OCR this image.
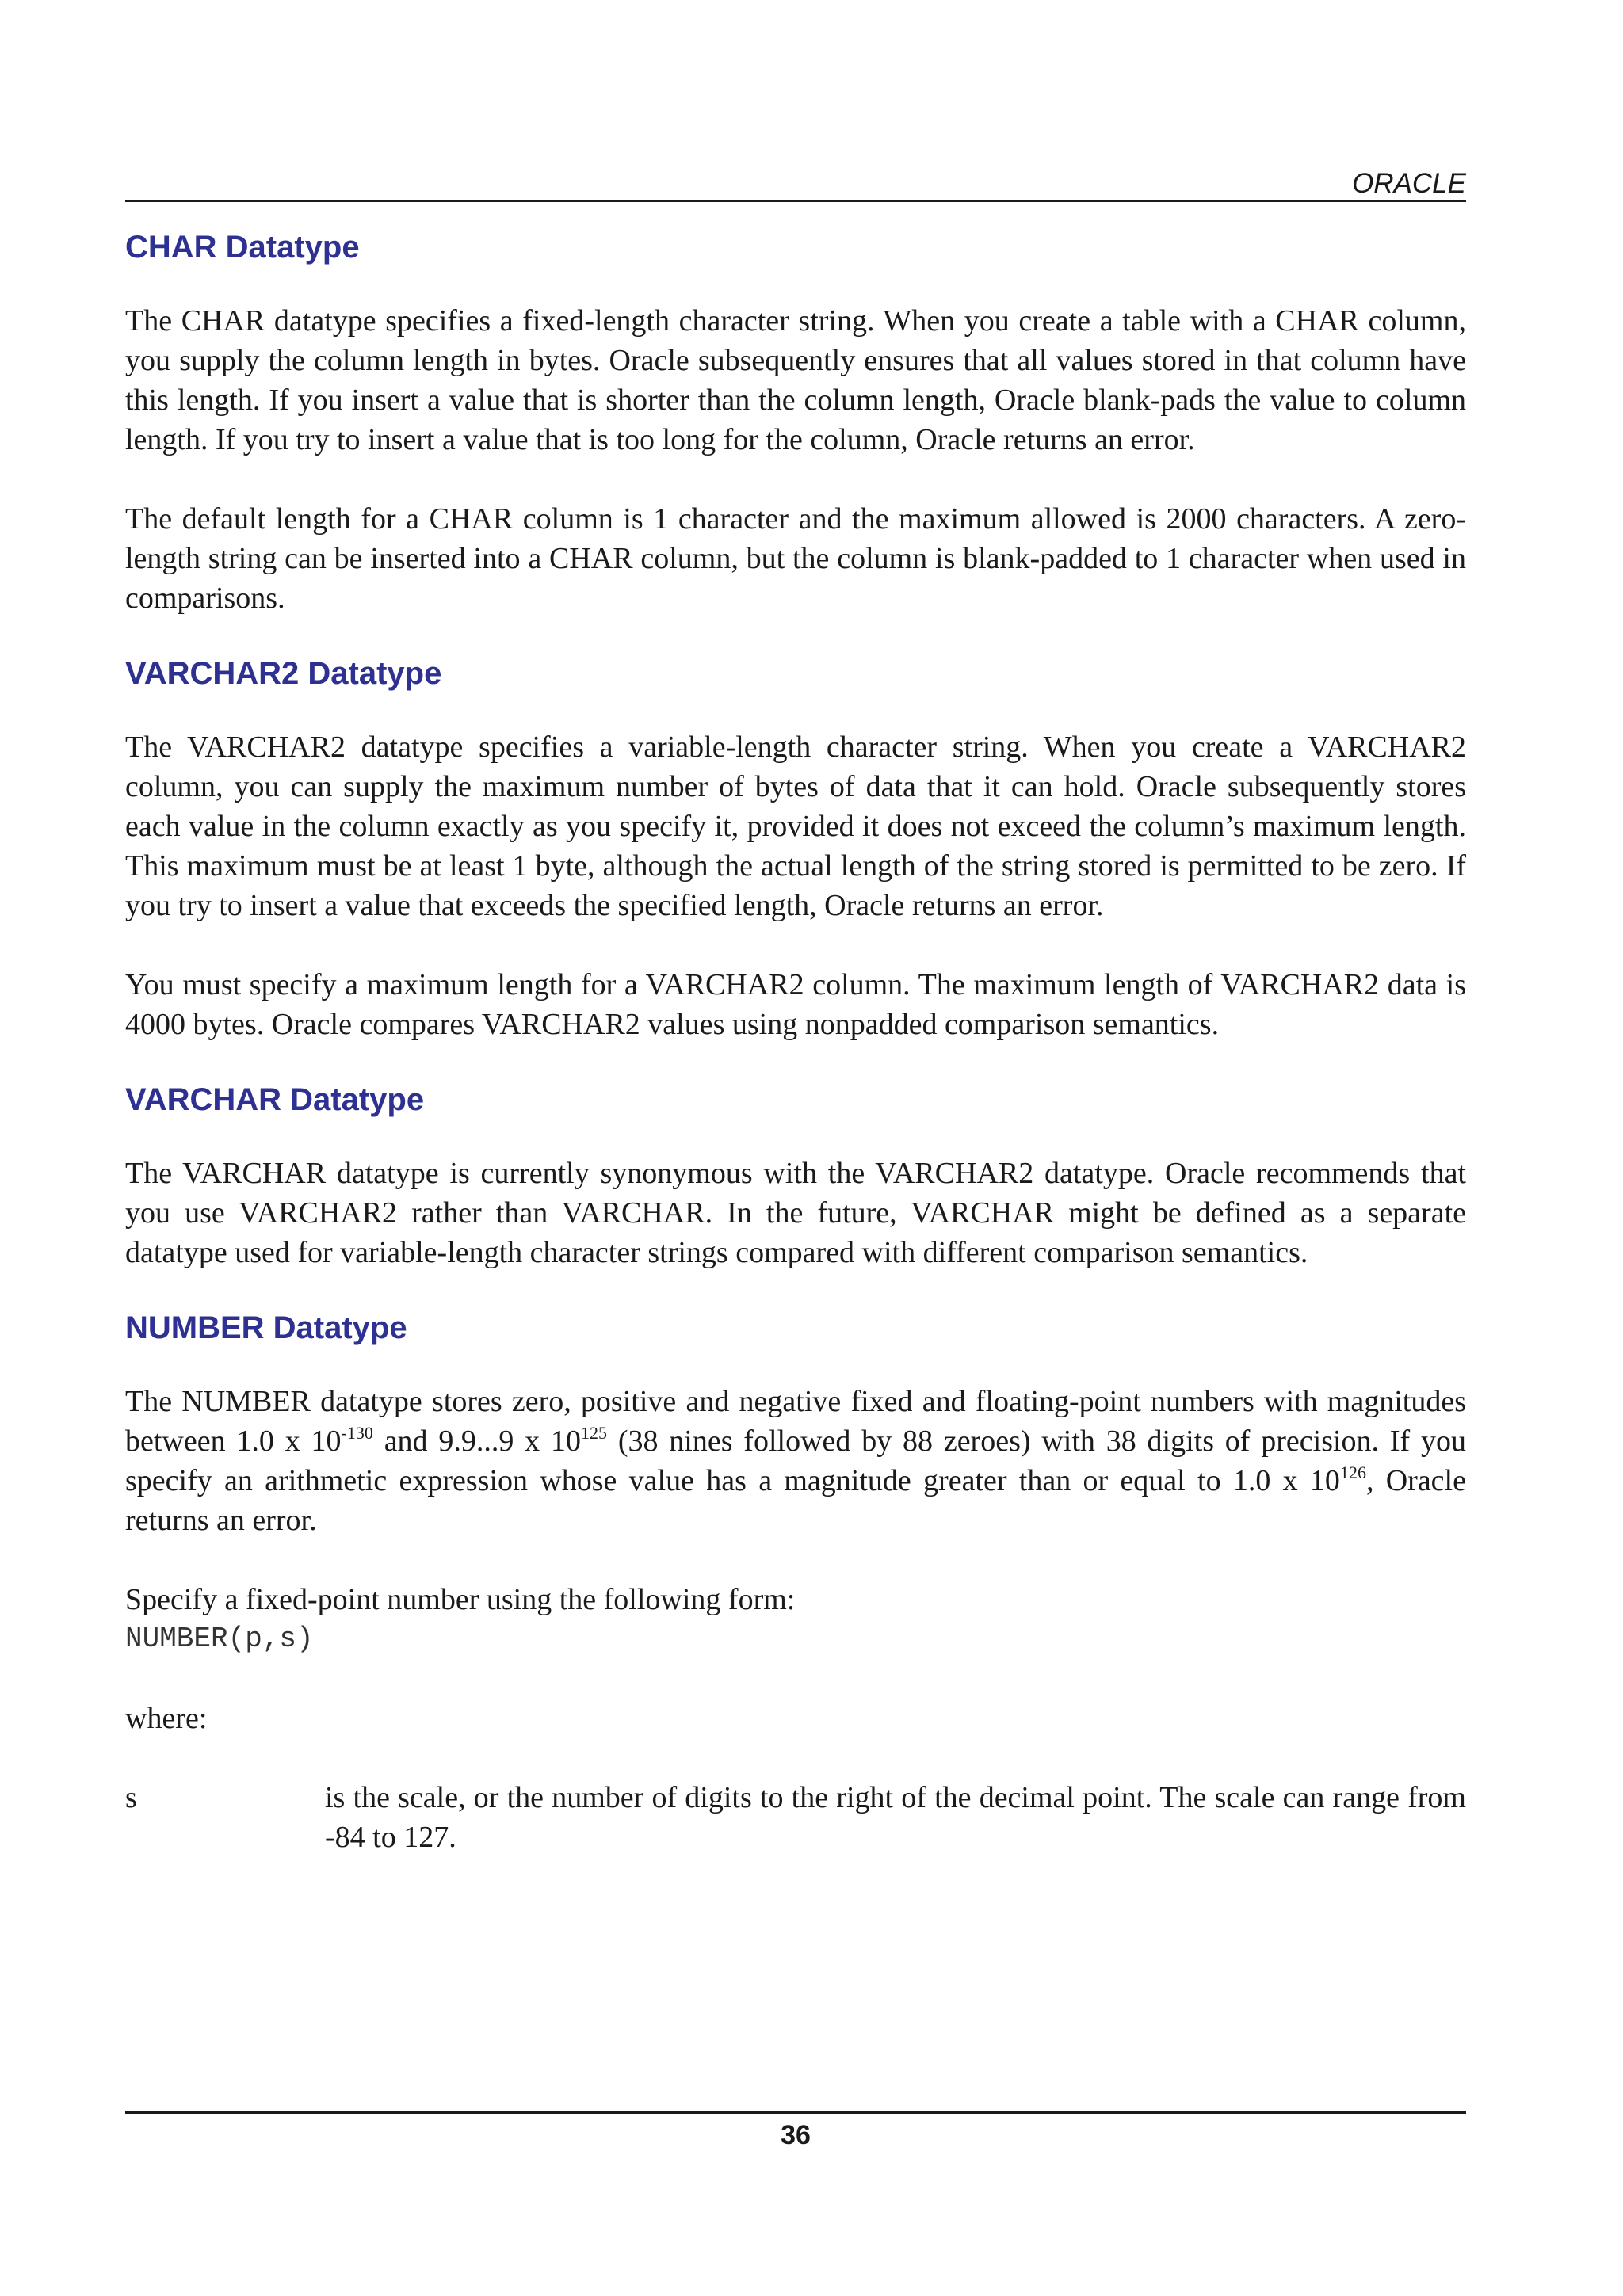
ORACLE
CHAR Datatype

The CHAR datatype specifies a fixed-length character string. When you create a table with a CHAR column, you supply the column length in bytes. Oracle subsequently ensures that all values stored in that column have this length. If you insert a value that is shorter than the column length, Oracle blank-pads the value to column length. If you try to insert a value that is too long for the column, Oracle returns an error.

The default length for a CHAR column is 1 character and the maximum allowed is 2000 characters. A zero-length string can be inserted into a CHAR column, but the column is blank-padded to 1 character when used in comparisons.

VARCHAR2 Datatype

The VARCHAR2 datatype specifies a variable-length character string. When you create a VARCHAR2 column, you can supply the maximum number of bytes of data that it can hold. Oracle subsequently stores each value in the column exactly as you specify it, provided it does not exceed the column’s maximum length. This maximum must be at least 1 byte, although the actual length of the string stored is permitted to be zero. If you try to insert a value that exceeds the specified length, Oracle returns an error.

You must specify a maximum length for a VARCHAR2 column. The maximum length of VARCHAR2 data is 4000 bytes. Oracle compares VARCHAR2 values using nonpadded comparison semantics.

VARCHAR Datatype

The VARCHAR datatype is currently synonymous with the VARCHAR2 datatype. Oracle recommends that you use VARCHAR2 rather than VARCHAR. In the future, VARCHAR might be defined as a separate datatype used for variable-length character strings compared with different comparison semantics.

NUMBER Datatype

The NUMBER datatype stores zero, positive and negative fixed and floating-point numbers with magnitudes between 1.0 x $10^{-130}$ and 9.9...9 x $10^{125}$ (38 nines followed by 88 zeroes) with 38 digits of precision. If you specify an arithmetic expression whose value has a magnitude greater than or equal to 1.0 x $10^{126}$, Oracle returns an error.

Specify a fixed-point number using the following form:
NUMBER(p,s)

where:

s	is the scale, or the number of digits to the right of the decimal point. The scale can range from -84 to 127.
36
